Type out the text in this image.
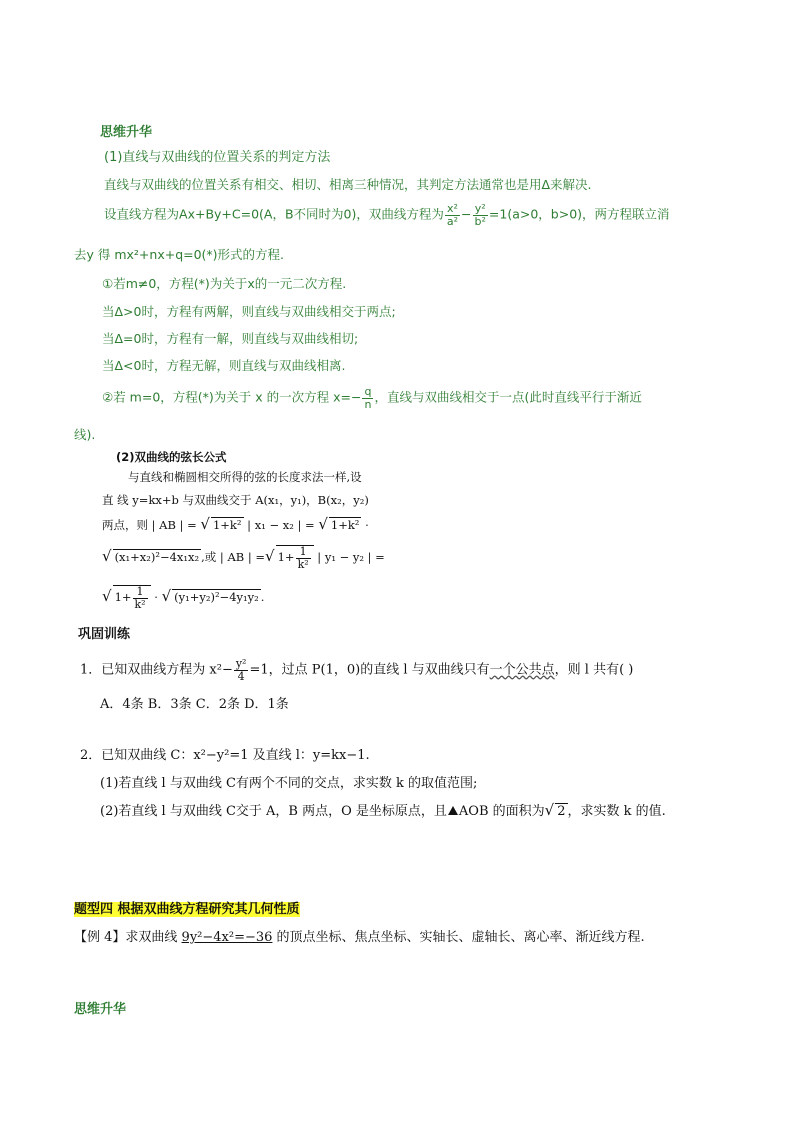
思维升华
(1)直线与双曲线的位置关系的判定方法
直线与双曲线的位置关系有相交、相切、相离三种情况，其判定方法通常也是用Δ来解决.
设直线方程为Ax+By+C=0(A，B不同时为0)，双曲线方程为 $\frac{\text{x²}}{\text{a²}} - \frac{\text{y²}}{\text{b²}} =1(a>0$，b>0)，两方程联立消
去y 得 mx²+nx+q=0(*)形式的方程.
①若m≠0，方程(*)为关于x的一元二次方程.
当Δ>0时，方程有两解，则直线与双曲线相交于两点;
当Δ=0时，方程有一解，则直线与双曲线相切;
当Δ<0时，方程无解，则直线与双曲线相离.
②若 m=0，方程(*)为关于 x 的一次方程 $x=- \frac{q}{n}$ ，直线与双曲线相交于一点(此时直线平行于渐近
线).
(2)双曲线的弦长公式
与直线和椭圆相交所得的弦的长度求法一样,设
直 线 y=kx+b 与双曲线交于 A(x₁，y₁)，B(x₂，y₂)
两点，则 | AB | = √ 1+k² | x₁ − x₂ | = √ 1+k² ·
√ (x₁+x₂)²−4x₁x₂ ,或 | AB | =√ $1+ \frac{1}{\text{k²}}$ | y₁ − y₂ | =
√ $1+ \frac{1}{\text{k²}}$ · √ (y₁+y₂)²−4y₁y₂ .
巩固训练
1．已知双曲线方程为 $x^2- \frac{\text{y²}}{4} =1$，过点 P(1，0)的直线 l 与双曲线只有一个公共点，则 l 共有( )
A．4条 B．3条 C．2条 D．1条
2．已知双曲线 C：x²−y²=1 及直线 l：y=kx−1.
(1)若直线 l 与双曲线 C有两个不同的交点，求实数 k 的取值范围;
(2)若直线 l 与双曲线 C交于 A，B 两点，O 是坐标原点，且 AOB 的面积为√ 2 ，求实数 k 的值.
题型四 根据双曲线方程研究其几何性质
【例 4】求双曲线 9y²−4x²=−36 的顶点坐标、焦点坐标、实轴长、虚轴长、离心率、渐近线方程.
思维升华
